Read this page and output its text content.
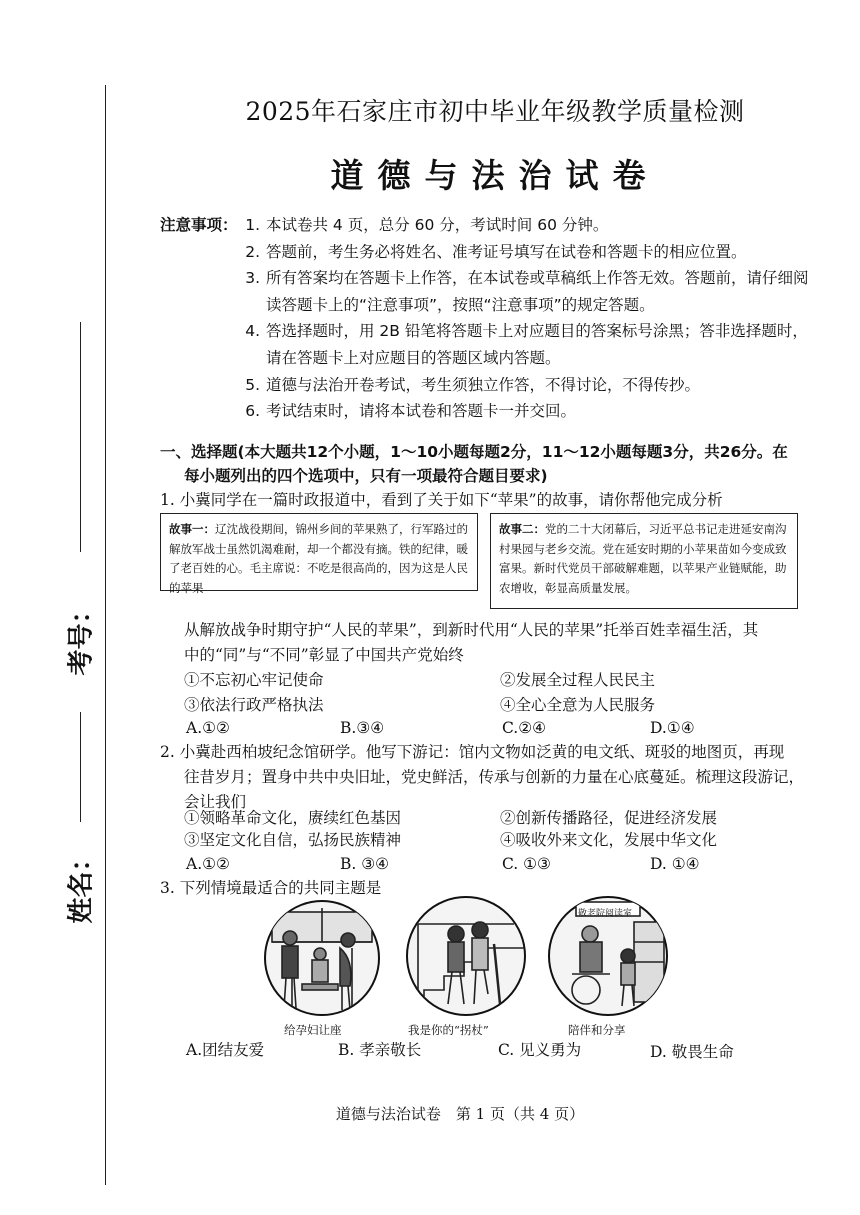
考号：
姓名：
2025年石家庄市初中毕业年级教学质量检测
道德与法治试卷
注意事项： 1. 本试卷共 4 页，总分 60 分，考试时间 60 分钟。
2. 答题前，考生务必将姓名、准考证号填写在试卷和答题卡的相应位置。
3. 所有答案均在答题卡上作答，在本试卷或草稿纸上作答无效。答题前，请仔细阅读答题卡上的“注意事项”，按照“注意事项”的规定答题。
4. 答选择题时，用 2B 铅笔将答题卡上对应题目的答案标号涂黑；答非选择题时，请在答题卡上对应题目的答题区域内答题。
5. 道德与法治开卷考试，考生须独立作答，不得讨论，不得传抄。
6. 考试结束时，请将本试卷和答题卡一并交回。
一、选择题(本大题共12个小题，1～10小题每题2分，11～12小题每题3分，共26分。在
每小题列出的四个选项中，只有一项最符合题目要求)
1. 小冀同学在一篇时政报道中，看到了关于如下“苹果”的故事，请你帮他完成分析
故事一：辽沈战役期间，锦州乡间的苹果熟了，行军路过的解放军战士虽然饥渴难耐，却一个都没有摘。铁的纪律，暖了老百姓的心。毛主席说：不吃是很高尚的，因为这是人民的苹果
故事二：党的二十大闭幕后，习近平总书记走进延安南沟村果园与老乡交流。党在延安时期的小苹果苗如今变成致富果。新时代党员干部破解难题，以苹果产业链赋能，助农增收，彰显高质量发展。
从解放战争时期守护“人民的苹果”，到新时代用“人民的苹果”托举百姓幸福生活，其
中的“同”与“不同”彰显了中国共产党始终
①不忘初心牢记使命	②发展全过程人民民主
③依法行政严格执法	④全心全意为人民服务
A.①②	B.③④	C.②④	D.①④
2. 小冀赴西柏坡纪念馆研学。他写下游记：馆内文物如泛黄的电文纸、斑驳的地图页，再现
往昔岁月；置身中共中央旧址，党史鲜活，传承与创新的力量在心底蔓延。梳理这段游记，
会让我们
①领略革命文化，赓续红色基因	②创新传播路径，促进经济发展
③坚定文化自信，弘扬民族精神	④吸收外来文化，发展中华文化
A.①②	B. ③④	C. ①③	D. ①④
3. 下列情境最适合的共同主题是
给孕妇让座	我是你的“拐杖”
敬老院阅读室
陪伴和分享
A.团结友爱	B. 孝亲敬长	C. 见义勇为	D. 敬畏生命
道德与法治试卷　第 1 页（共 4 页）
